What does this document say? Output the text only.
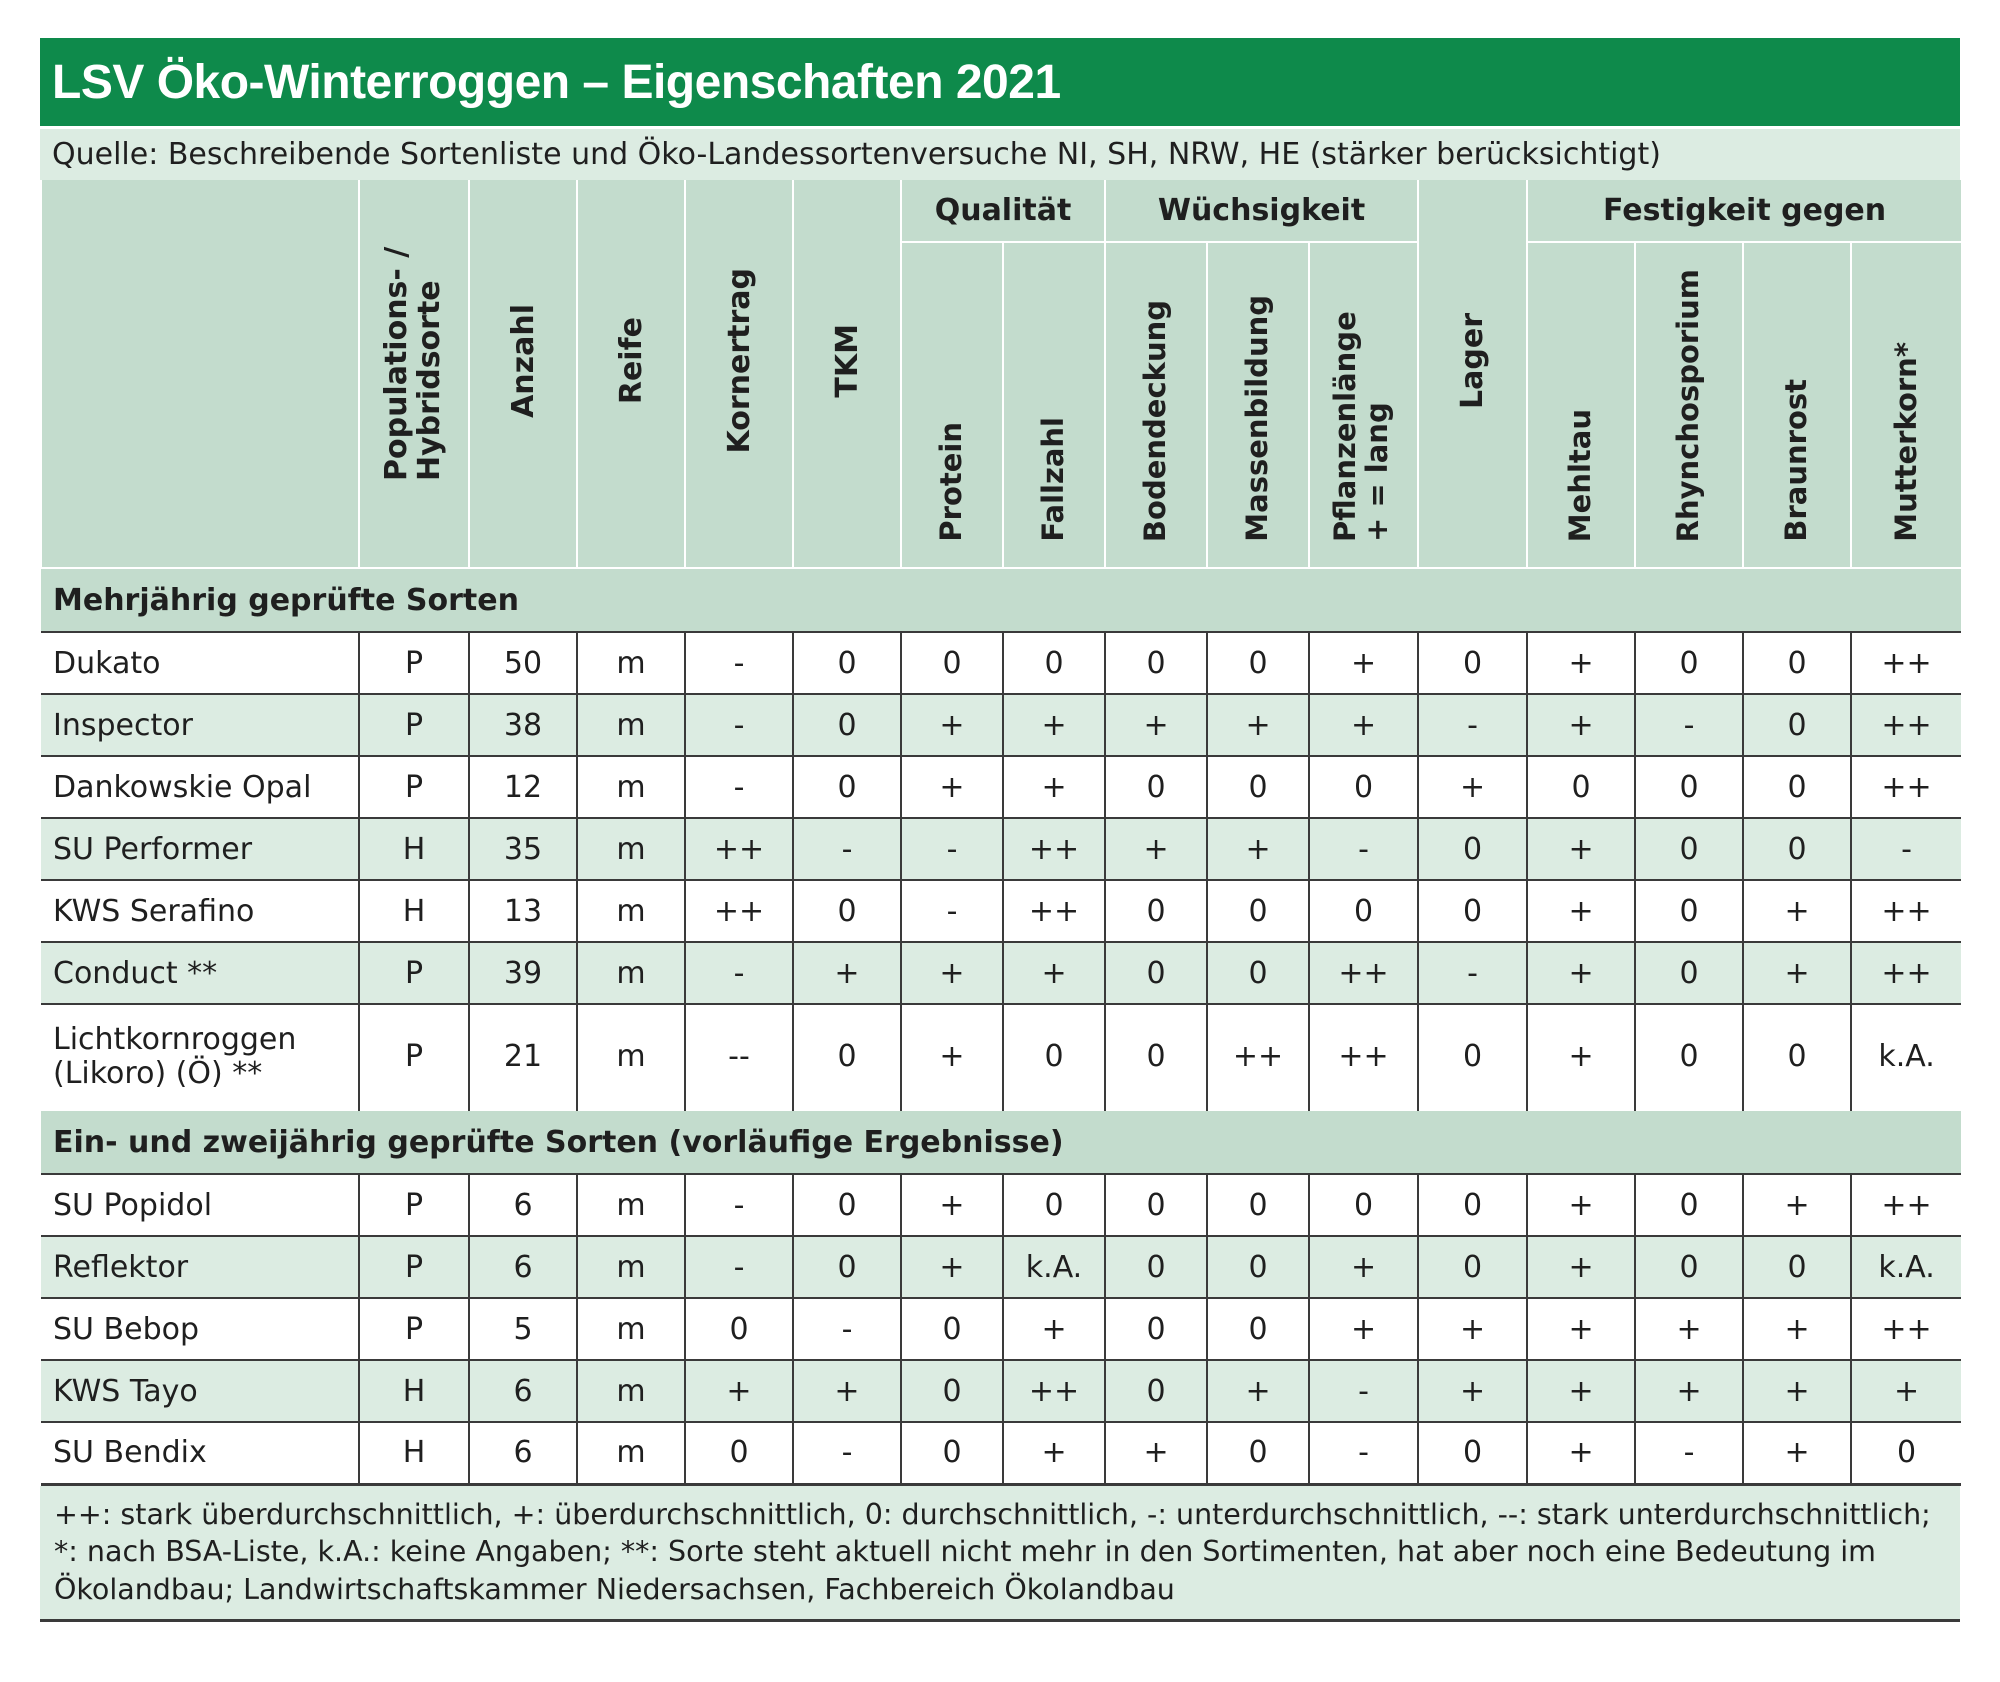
LSV Öko-Winterroggen – Eigenschaften 2021
Quelle: Beschreibende Sortenliste und Öko-Landessortenversuche NI, SH, NRW, HE (stärker berücksichtigt)
	Populations- / Hybridsorte	Anzahl	Reife	Kornertrag	TKM	Qualität		Wüchsigkeit			Lager	Festigkeit gegen			
						Protein	Fallzahl	Bodendeckung	Massenbildung	Pflanzenlänge + = lang		Mehltau	Rhynchosporium	Braunrost	Mutterkorn*
Mehrjährig geprüfte Sorten															
Dukato	P	50	m	-	0	0	0	0	0	+	0	+	0	0	++
Inspector	P	38	m	-	0	+	+	+	+	+	-	+	-	0	++
Dankowskie Opal	P	12	m	-	0	+	+	0	0	0	+	0	0	0	++
SU Performer	H	35	m	++	-	-	++	+	+	-	0	+	0	0	-
KWS Serafino	H	13	m	++	0	-	++	0	0	0	0	+	0	+	++
Conduct **	P	39	m	-	+	+	+	0	0	++	-	+	0	+	++
Lichtkornroggen (Likoro) (Ö) **	P	21	m	--	0	+	0	0	++	++	0	+	0	0	k.A.
Ein- und zweijährig geprüfte Sorten (vorläufige Ergebnisse)															
SU Popidol	P	6	m	-	0	+	0	0	0	0	0	+	0	+	++
Reflektor	P	6	m	-	0	+	k.A.	0	0	+	0	+	0	0	k.A.
SU Bebop	P	5	m	0	-	0	+	0	0	+	+	+	+	+	++
KWS Tayo	H	6	m	+	+	0	++	0	+	-	+	+	+	+	+
SU Bendix	H	6	m	0	-	0	+	+	0	-	0	+	-	+	0
++: stark überdurchschnittlich, +: überdurchschnittlich, 0: durchschnittlich, -: unterdurchschnittlich, --: stark unterdurchschnittlich; *: nach BSA-Liste, k.A.: keine Angaben; **: Sorte steht aktuell nicht mehr in den Sortimenten, hat aber noch eine Bedeutung im Ökolandbau; Landwirtschaftskammer Niedersachsen, Fachbereich Ökolandbau
